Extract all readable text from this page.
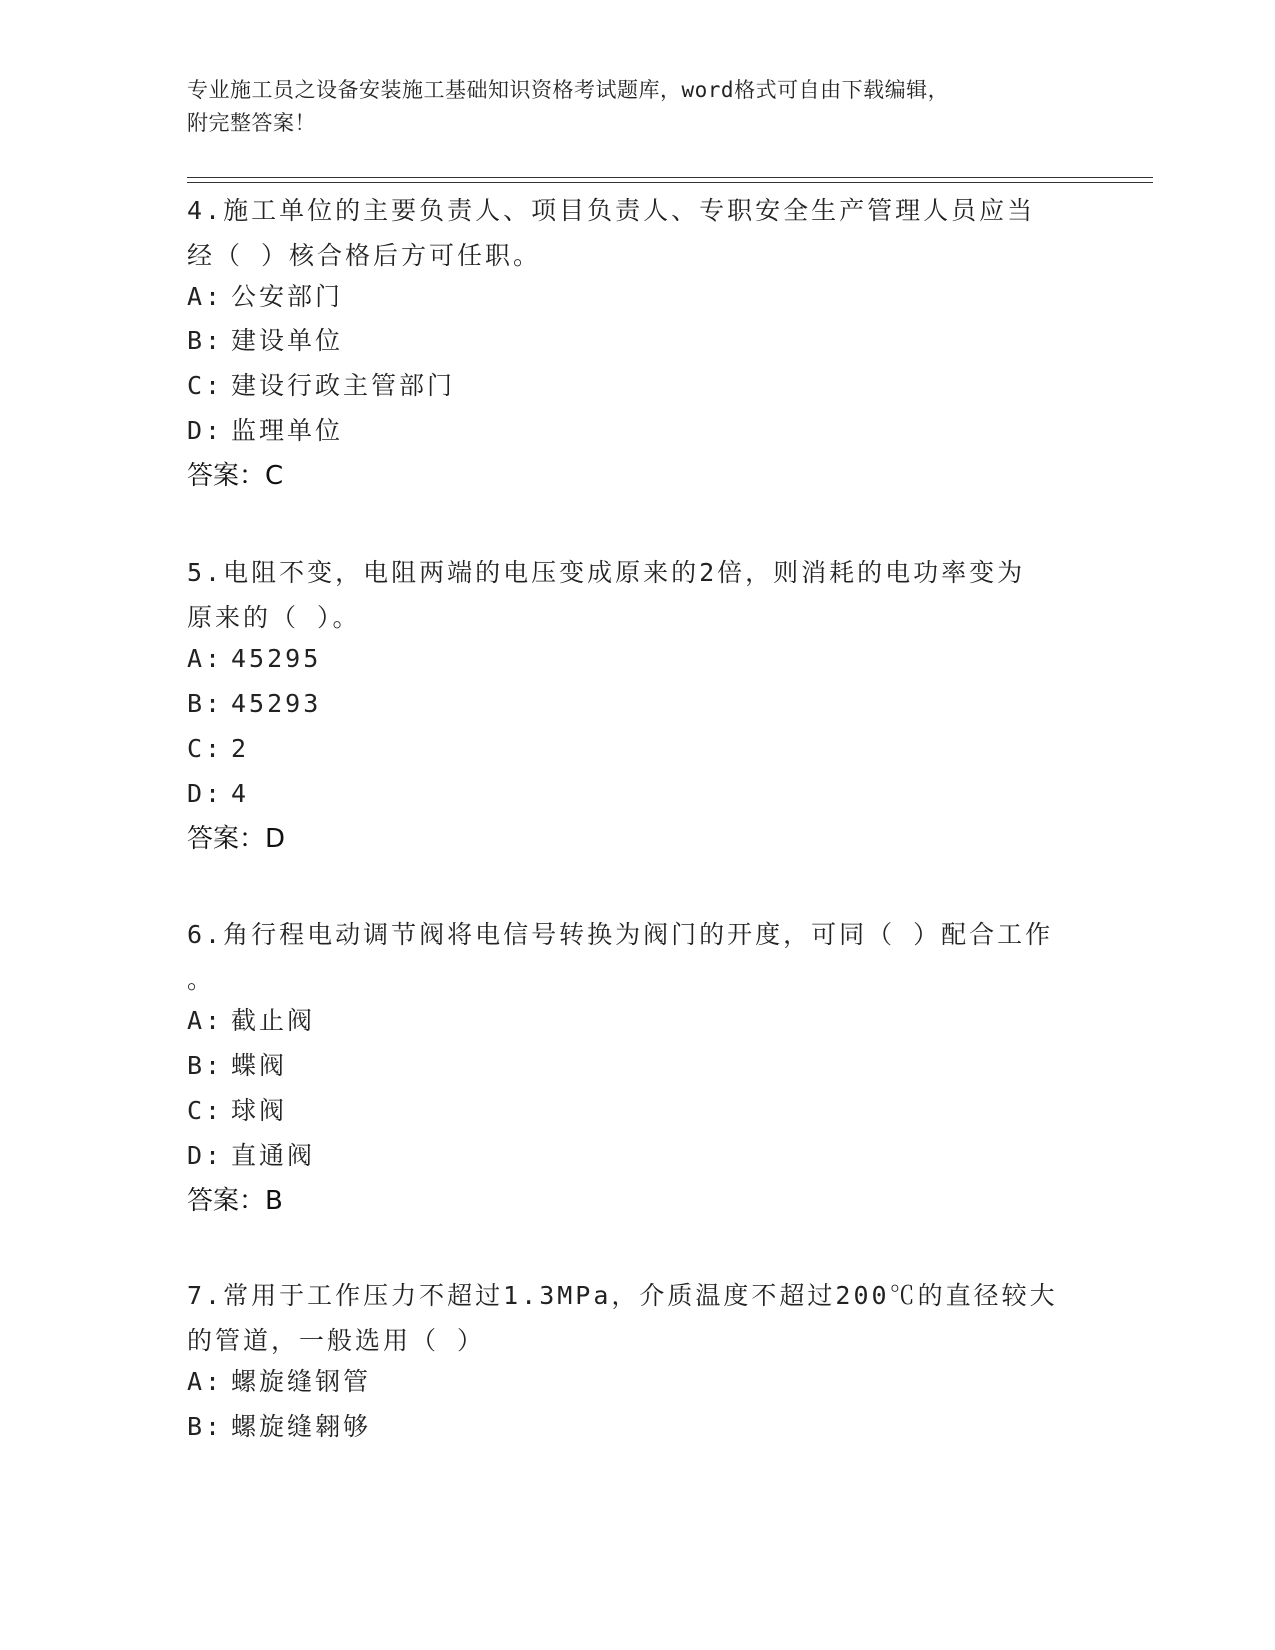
专业施工员之设备安装施工基础知识资格考试题库，word格式可自由下载编辑，
附完整答案！
4.施工单位的主要负责人、项目负责人、专职安全生产管理人员应当
经（ ）核合格后方可任职。
A: 公安部门
B: 建设单位
C: 建设行政主管部门
D: 监理单位
答案：C
5.电阻不变，电阻两端的电压变成原来的2倍，则消耗的电功率变为
原来的（ ）。
A: 45295
B: 45293
C: 2
D: 4
答案：D
6.角行程电动调节阀将电信号转换为阀门的开度，可同（ ）配合工作
。
A: 截止阀
B: 蝶阀
C: 球阀
D: 直通阀
答案：B
7.常用于工作压力不超过1.3MPa，介质温度不超过200℃的直径较大
的管道，一般选用（ ）
A: 螺旋缝钢管
B: 螺旋缝翱够
